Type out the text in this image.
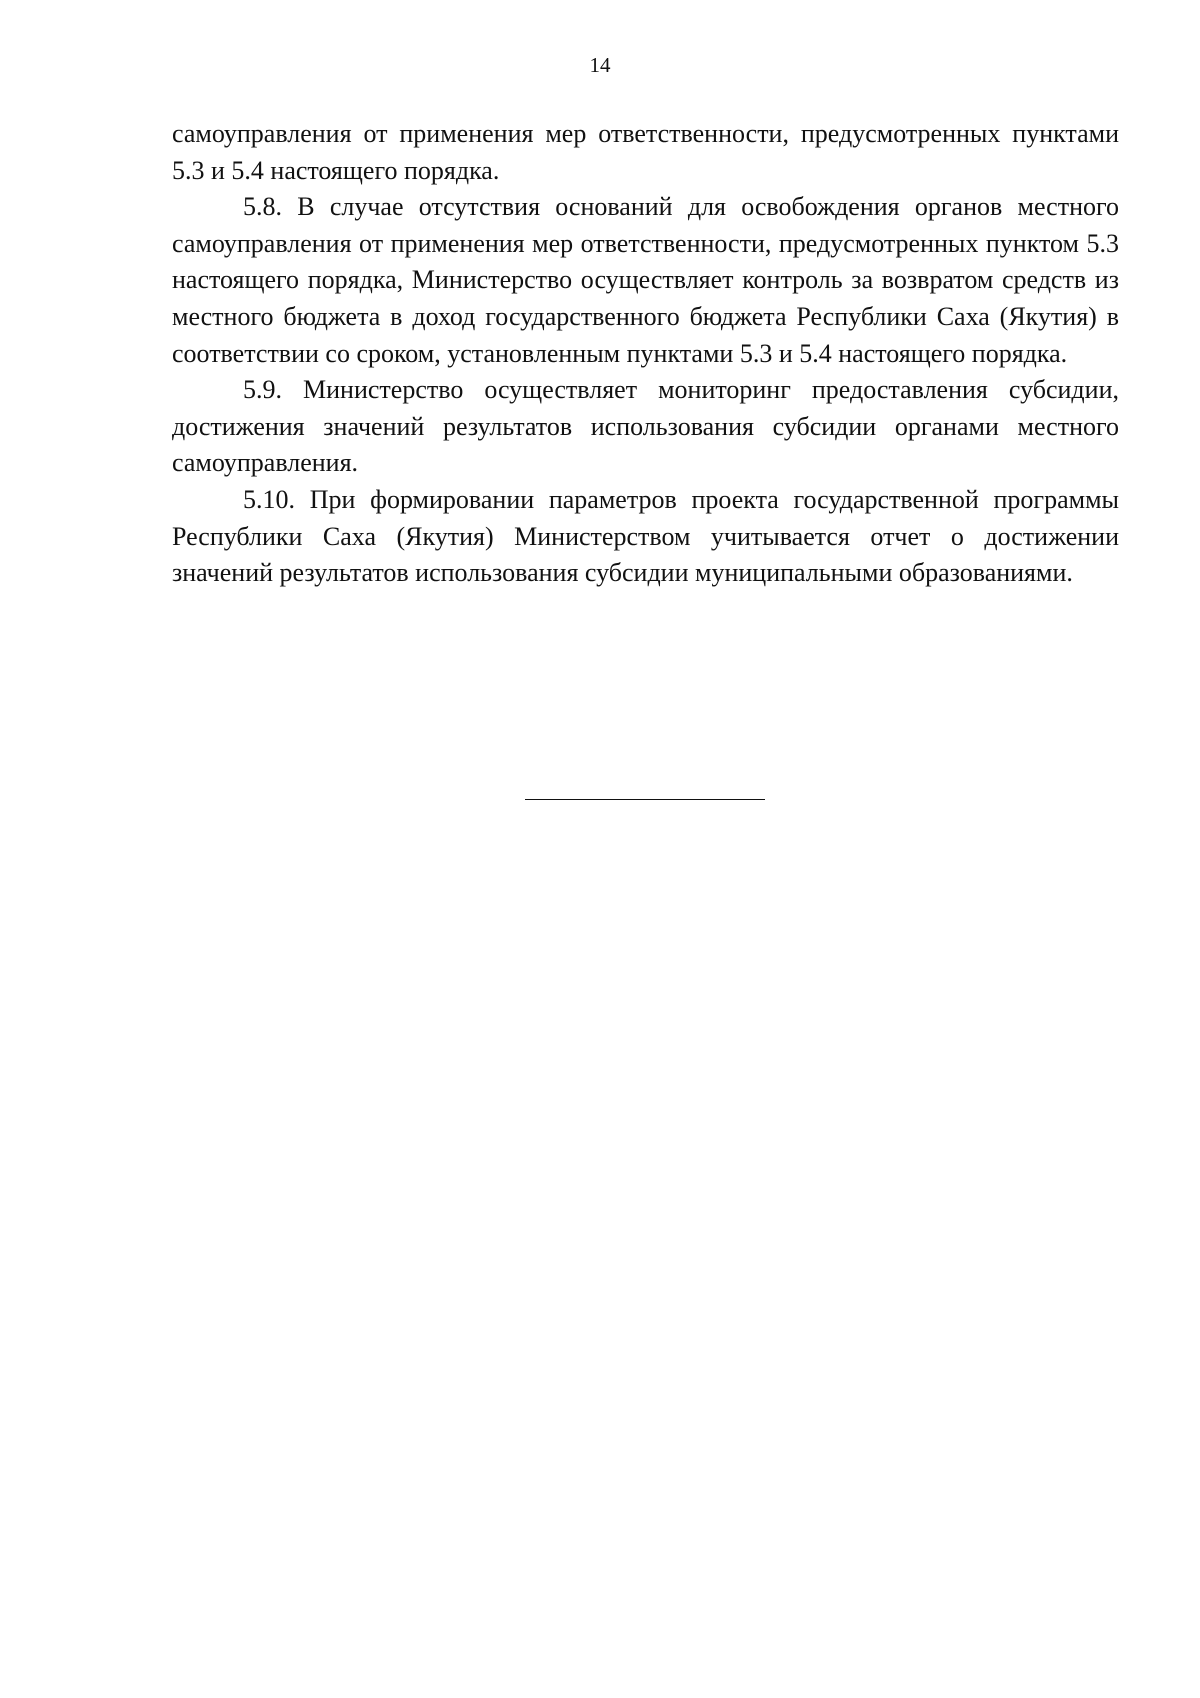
14

самоуправления от применения мер ответственности, предусмотренных пунктами 5.3 и 5.4 настоящего порядка.

5.8. В случае отсутствия оснований для освобождения органов местного самоуправления от применения мер ответственности, предусмотренных пунктом 5.3 настоящего порядка, Министерство осуществляет контроль за возвратом средств из местного бюджета в доход государственного бюджета Республики Саха (Якутия) в соответствии со сроком, установленным пунктами 5.3 и 5.4 настоящего порядка.

5.9. Министерство осуществляет мониторинг предоставления субсидии, достижения значений результатов использования субсидии органами местного самоуправления.

5.10. При формировании параметров проекта государственной программы Республики Саха (Якутия) Министерством учитывается отчет о достижении значений результатов использования субсидии муниципальными образованиями.
